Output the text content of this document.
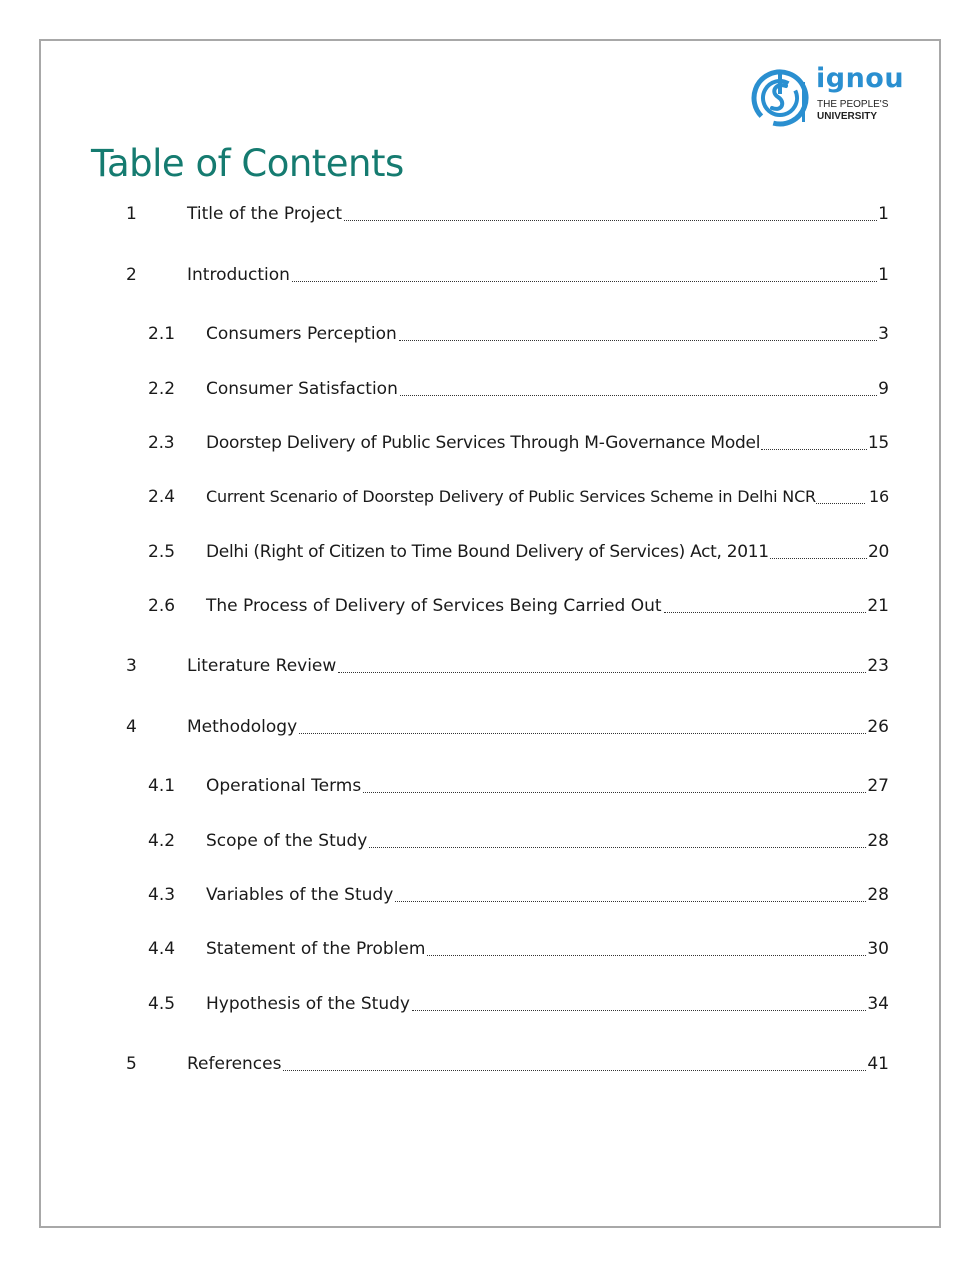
ignou
THE PEOPLE'S
UNIVERSITY
Table of Contents
1	Title of the Project	1
2	Introduction	1
2.1 Consumers Perception	3
2.2 Consumer Satisfaction	9
2.3 Doorstep Delivery of Public Services Through M-Governance Model	15
2.4 Current Scenario of Doorstep Delivery of Public Services Scheme in Delhi NCR	16
2.5 Delhi (Right of Citizen to Time Bound Delivery of Services) Act, 2011	20
2.6 The Process of Delivery of Services Being Carried Out	21
3	Literature Review	23
4	Methodology	26
4.1 Operational Terms	27
4.2 Scope of the Study	28
4.3 Variables of the Study	28
4.4 Statement of the Problem	30
4.5 Hypothesis of the Study	34
5	References	41
